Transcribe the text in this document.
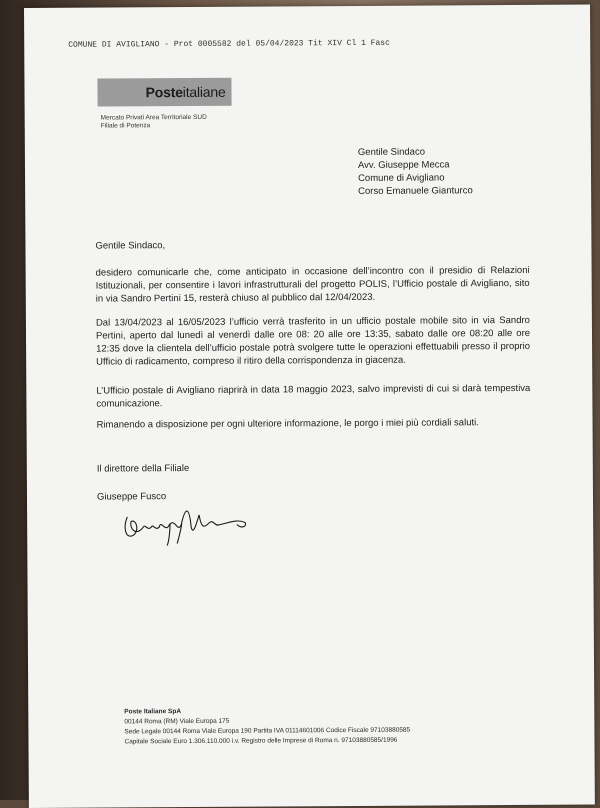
COMUNE DI AVIGLIANO - Prot 0005582 del 05/04/2023 Tit XIV Cl 1 Fasc
Poste italiane
Mercato Privati Area Territoriale SUD
Filiale di Potenza
Gentile Sindaco
Avv. Giuseppe Mecca
Comune di Avigliano
Corso Emanuele Gianturco
Gentile Sindaco,
desidero comunicarle che, come anticipato in occasione dell’incontro con il presidio di Relazioni Istituzionali, per consentire i lavori infrastrutturali del progetto POLIS, l’Ufficio postale di Avigliano, sito in via Sandro Pertini 15, resterà chiuso al pubblico dal 12/04/2023.
Dal 13/04/2023 al 16/05/2023 l’ufficio verrà trasferito in un ufficio postale mobile sito in via Sandro Pertini, aperto dal lunedì al venerdì dalle ore 08: 20 alle ore 13:35, sabato dalle ore 08:20 alle ore 12:35 dove la clientela dell’ufficio postale potrà svolgere tutte le operazioni effettuabili presso il proprio Ufficio di radicamento, compreso il ritiro della corrispondenza in giacenza.
L’Ufficio postale di Avigliano riaprirà in data 18 maggio 2023, salvo imprevisti di cui si darà tempestiva comunicazione.
Rimanendo a disposizione per ogni ulteriore informazione, le porgo i miei più cordiali saluti.
Il direttore della Filiale
Giuseppe Fusco
Poste Italiane SpA
00144 Roma (RM) Viale Europa 175
Sede Legale 00144 Roma Viale Europa 190 Partita IVA 01114601006 Codice Fiscale 97103880585
Capitale Sociale Euro 1.306.110.000 i.v. Registro delle Imprese di Roma n. 97103880585/1996
